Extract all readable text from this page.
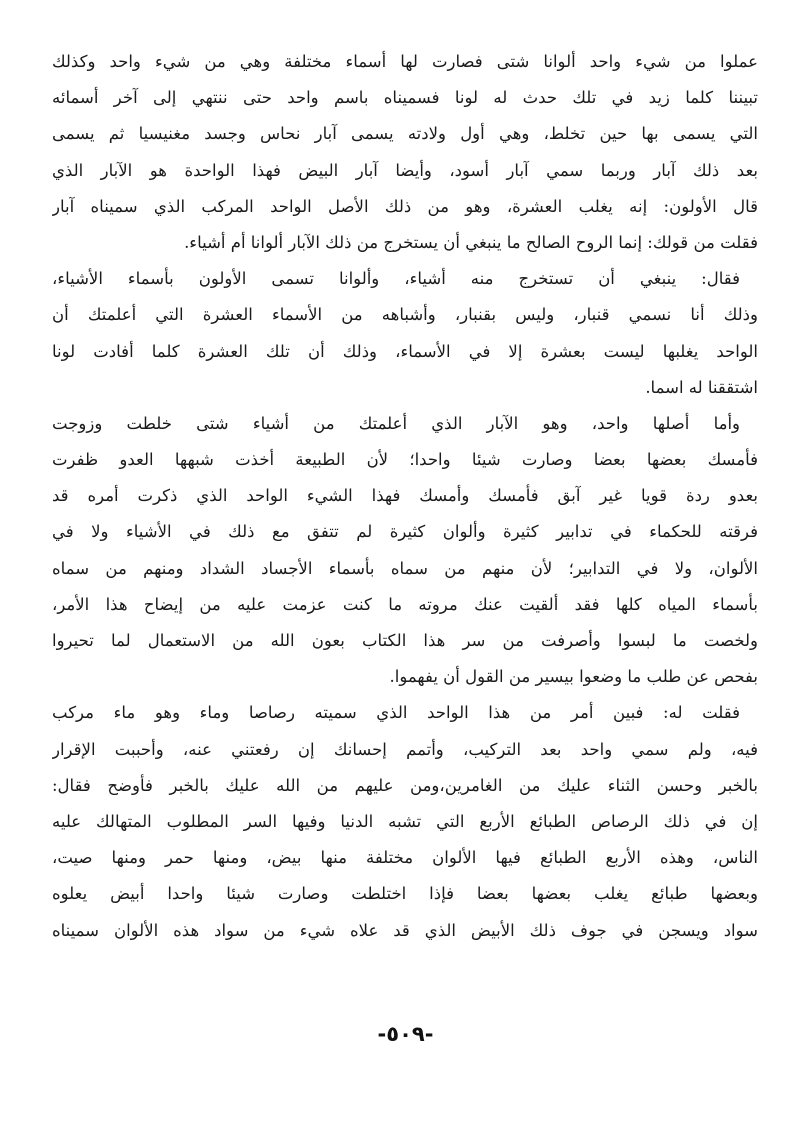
عملوا من شيء واحد ألوانا شتى فصارت لها أسماء مختلفة وهي من شيء واحد وكذلك
تبيننا كلما زيد في تلك حدث له لونا فسميناه باسم واحد حتى ننتهي إلى آخر أسمائه
التي يسمى بها حين تخلط، وهي أول ولادته يسمى آبار نحاس وجسد مغنيسيا ثم يسمى
بعد ذلك آبار وربما سمي آبار أسود، وأيضا آبار البيض فهذا الواحدة هو الآبار الذي
قال الأولون: إنه يغلب العشرة، وهو من ذلك الأصل الواحد المركب الذي سميناه آبار
فقلت من قولك: إنما الروح الصالح ما ينبغي أن يستخرج من ذلك الآبار ألوانا أم أشياء.
فقال: ينبغي أن تستخرج منه أشياء، وألوانا تسمى الأولون بأسماء الأشياء،
وذلك أنا نسمي قنبار، وليس بقنبار، وأشباهه من الأسماء العشرة التي أعلمتك أن
الواحد يغلبها ليست بعشرة إلا في الأسماء، وذلك أن تلك العشرة كلما أفادت لونا
اشتققنا له اسما.
وأما أصلها واحد، وهو الآبار الذي أعلمتك من أشياء شتى خلطت وزوجت
فأمسك بعضها بعضا وصارت شيئا واحدا؛ لأن الطبيعة أخذت شبهها العدو ظفرت
بعدو ردة قويا غير آبق فأمسك وأمسك فهذا الشيء الواحد الذي ذكرت أمره قد
فرقته للحكماء في تدابير كثيرة وألوان كثيرة لم تتفق مع ذلك في الأشياء ولا في
الألوان، ولا في التدابير؛ لأن منهم من سماه بأسماء الأجساد الشداد ومنهم من سماه
بأسماء المياه كلها فقد ألقيت عنك مروته ما كنت عزمت عليه من إيضاح هذا الأمر،
ولخصت ما لبسوا وأصرفت من سر هذا الكتاب بعون الله من الاستعمال لما تحيروا
بفحص عن طلب ما وضعوا بيسير من القول أن يفهموا.
فقلت له: فبين أمر من هذا الواحد الذي سميته رصاصا وماء وهو ماء مركب
فيه، ولم سمي واحد بعد التركيب، وأتمم إحسانك إن رفعتني عنه، وأحببت الإقرار
بالخبر وحسن الثناء عليك من الغامرين،ومن عليهم من الله عليك بالخبر فأوضح فقال:
إن في ذلك الرصاص الطبائع الأربع التي تشبه الدنيا وفيها السر المطلوب المتهالك عليه
الناس، وهذه الأربع الطبائع فيها الألوان مختلفة منها بيض، ومنها حمر ومنها صيت،
وبعضها طبائع يغلب بعضها بعضا فإذا اختلطت وصارت شيئا واحدا أبيض يعلوه
سواد ويسجن في جوف ذلك الأبيض الذي قد علاه شيء من سواد هذه الألوان سميناه
-٥٠٩-
